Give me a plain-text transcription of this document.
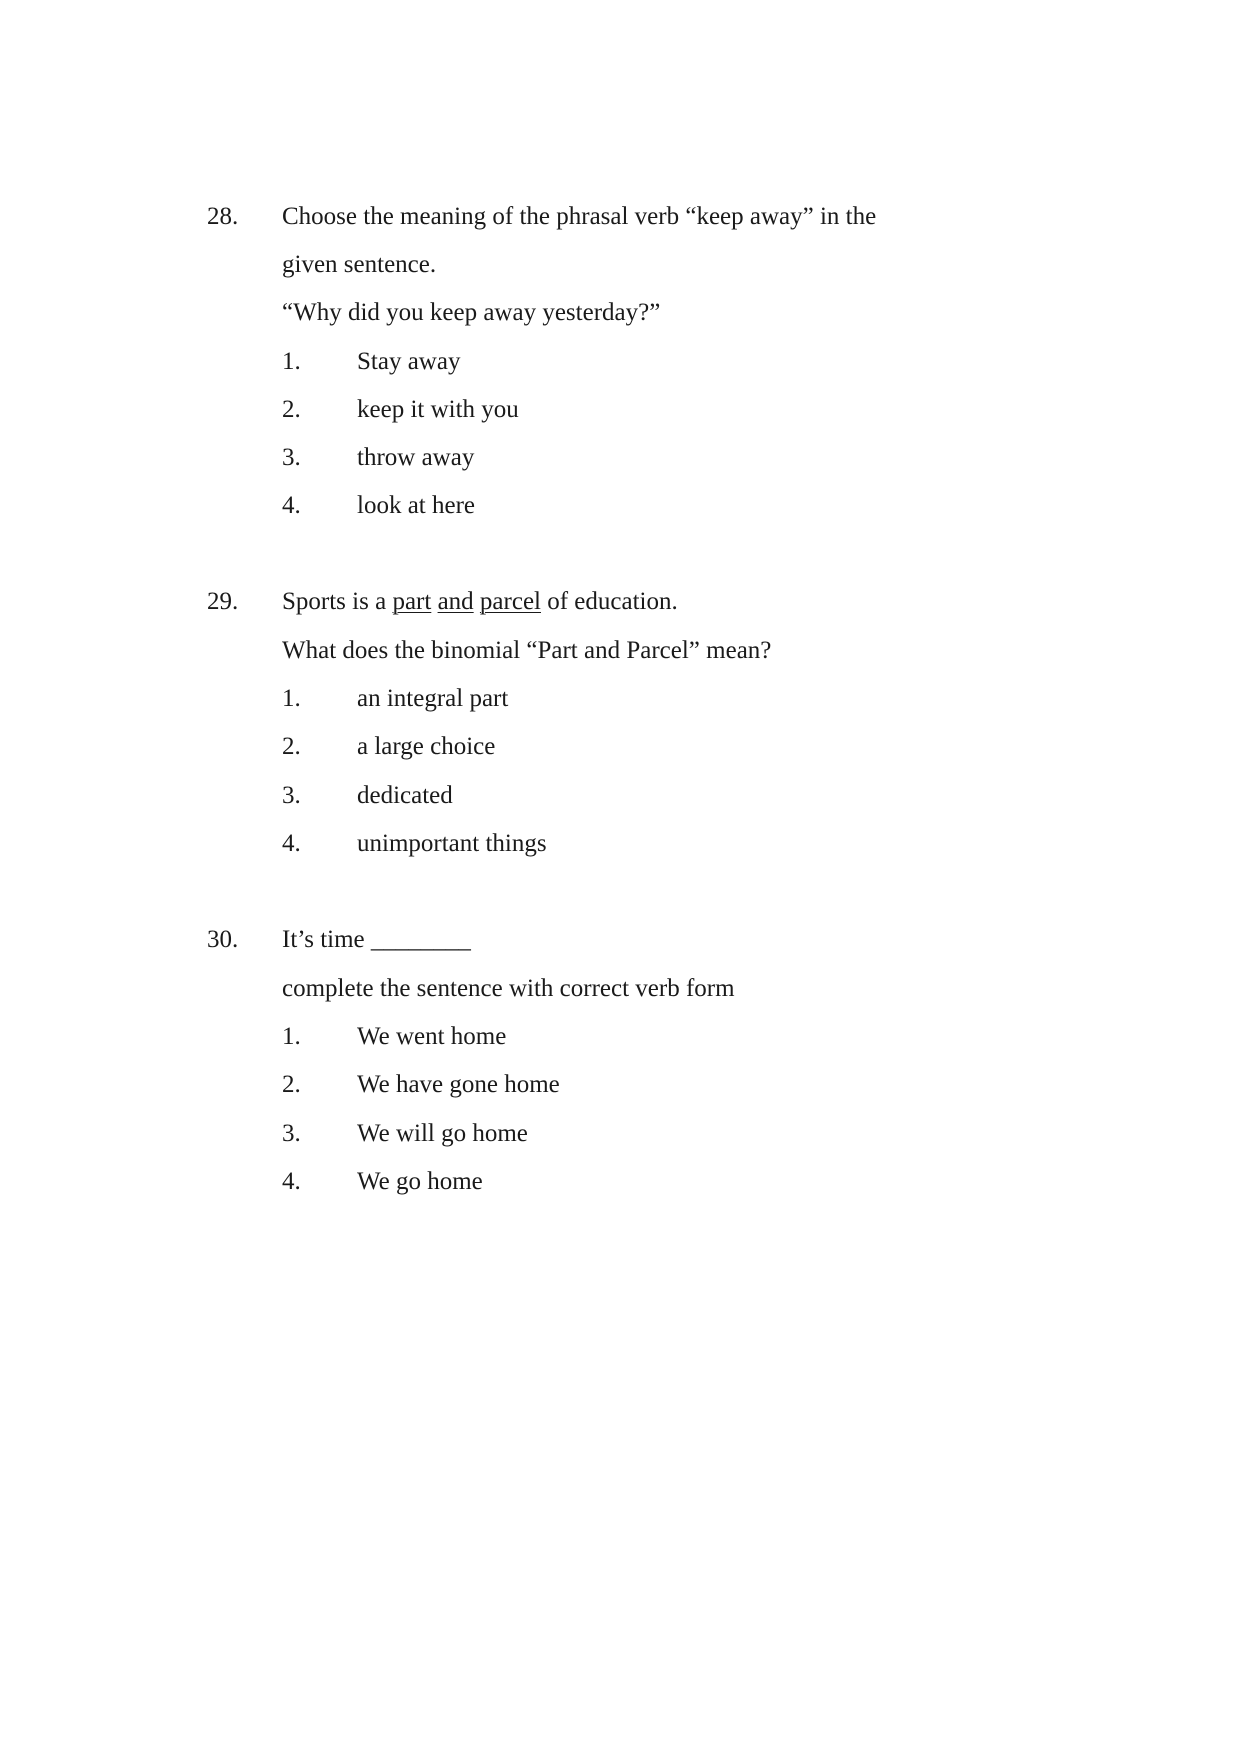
28. Choose the meaning of the phrasal verb “keep away” in the
given sentence.
“Why did you keep away yesterday?”
1. Stay away
2. keep it with you
3. throw away
4. look at here
29. Sports is a part and parcel of education.
What does the binomial “Part and Parcel” mean?
1. an integral part
2. a large choice
3. dedicated
4. unimportant things
30. It’s time ________
complete the sentence with correct verb form
1. We went home
2. We have gone home
3. We will go home
4. We go home
